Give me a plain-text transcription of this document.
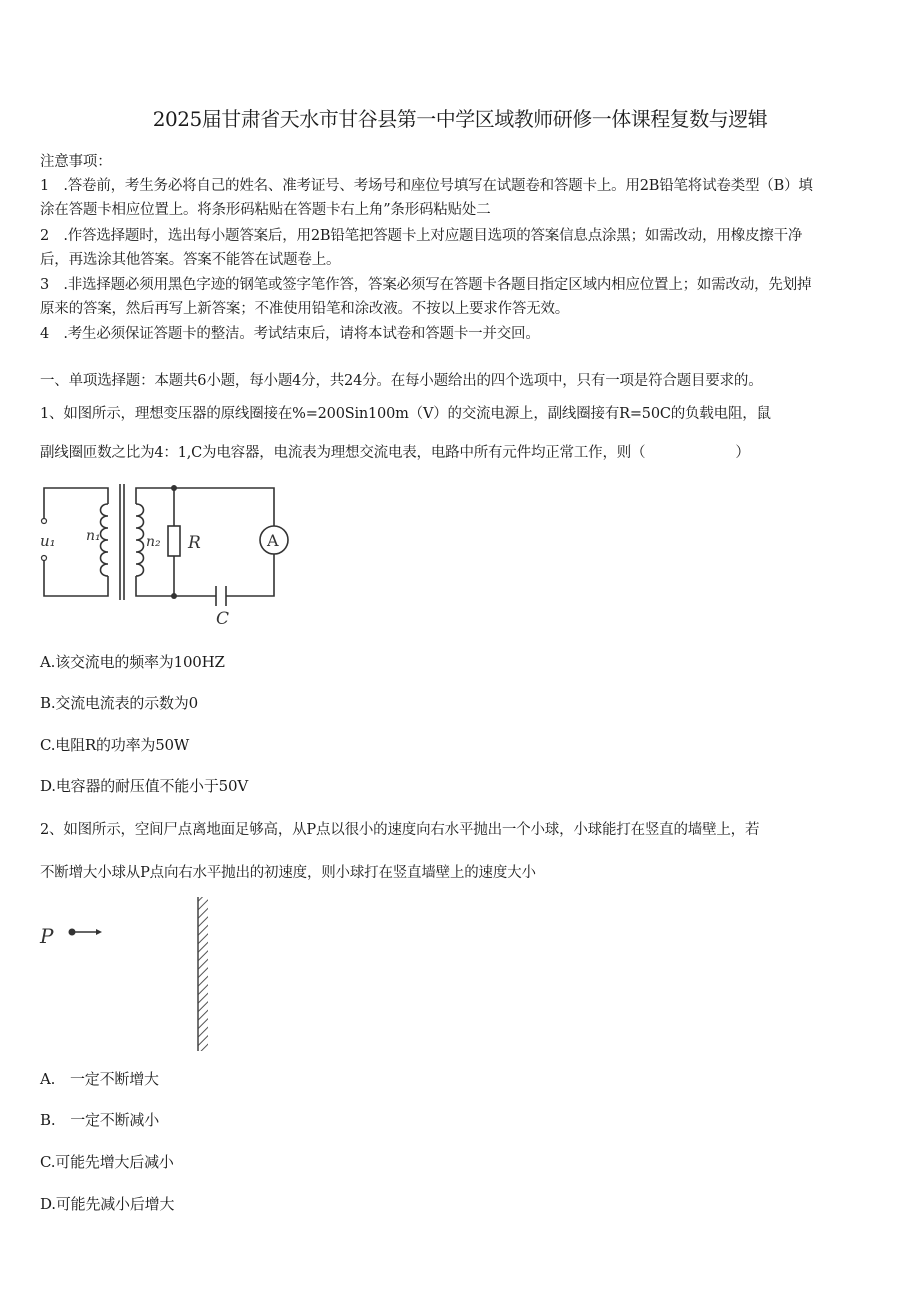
2025届甘肃省天水市甘谷县第一中学区域教师研修一体课程复数与逻辑
注意事项：
1　.答卷前，考生务必将自己的姓名、准考证号、考场号和座位号填写在试题卷和答题卡上。用2B铅笔将试卷类型（B）填
涂在答题卡相应位置上。将条形码粘贴在答题卡右上角”条形码粘贴处二
2　.作答选择题时，选出每小题答案后，用2B铅笔把答题卡上对应题目选项的答案信息点涂黑；如需改动，用橡皮擦干净
后，再选涂其他答案。答案不能答在试题卷上。
3　.非选择题必须用黑色字迹的钢笔或签字笔作答，答案必须写在答题卡各题目指定区域内相应位置上；如需改动，先划掉
原来的答案，然后再写上新答案；不准使用铅笔和涂改液。不按以上要求作答无效。
4　.考生必须保证答题卡的整洁。考试结束后，请将本试卷和答题卡一并交回。
一、单项选择题：本题共6小题，每小题4分，共24分。在每小题给出的四个选项中，只有一项是符合题目要求的。
1、如图所示，理想变压器的原线圈接在%=200Sin100m（V）的交流电源上，副线圈接有R=50C的负载电阻，鼠
副线圈匝数之比为4：1,C为电容器，电流表为理想交流电表，电路中所有元件均正常工作，则（	）
u₁ n₁	n₂ R	A
C
A.该交流电的频率为100HZ
B.交流电流表的示数为0
C.电阻R的功率为50W
D.电容器的耐压值不能小于50V
2、如图所示，空间尸点离地面足够高，从P点以很小的速度向右水平抛出一个小球，小球能打在竖直的墙壁上，若
不断增大小球从P点向右水平抛出的初速度，则小球打在竖直墙壁上的速度大小
P
A.　一定不断增大
B.　一定不断减小
C.可能先增大后减小
D.可能先减小后增大
